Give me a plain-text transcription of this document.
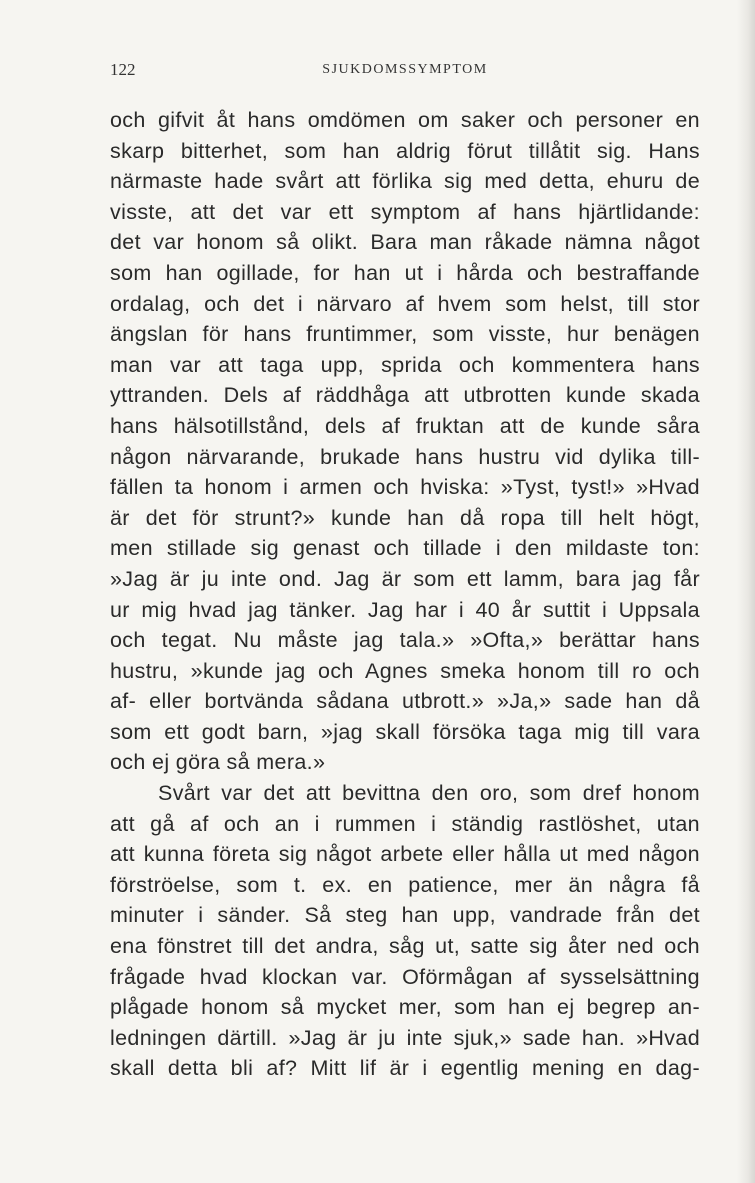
122	SJUKDOMSSYMPTOM
och gifvit åt hans omdömen om saker och personer en
skarp bitterhet, som han aldrig förut tillåtit sig. Hans
närmaste hade svårt att förlika sig med detta, ehuru de
visste, att det var ett symptom af hans hjärtlidande:
det var honom så olikt. Bara man råkade nämna något
som han ogillade, for han ut i hårda och bestraffande
ordalag, och det i närvaro af hvem som helst, till stor
ängslan för hans fruntimmer, som visste, hur benägen
man var att taga upp, sprida och kommentera hans
yttranden. Dels af räddhåga att utbrotten kunde skada
hans hälsotillstånd, dels af fruktan att de kunde såra
någon närvarande, brukade hans hustru vid dylika till-
fällen ta honom i armen och hviska: »Tyst, tyst!» »Hvad
är det för strunt?» kunde han då ropa till helt högt,
men stillade sig genast och tillade i den mildaste ton:
»Jag är ju inte ond. Jag är som ett lamm, bara jag får
ur mig hvad jag tänker. Jag har i 40 år suttit i Uppsala
och tegat. Nu måste jag tala.» »Ofta,» berättar hans
hustru, »kunde jag och Agnes smeka honom till ro och
af- eller bortvända sådana utbrott.» »Ja,» sade han då
som ett godt barn, »jag skall försöka taga mig till vara
och ej göra så mera.»
Svårt var det att bevittna den oro, som dref honom
att gå af och an i rummen i ständig rastlöshet, utan
att kunna företa sig något arbete eller hålla ut med någon
förströelse, som t. ex. en patience, mer än några få
minuter i sänder. Så steg han upp, vandrade från det
ena fönstret till det andra, såg ut, satte sig åter ned och
frågade hvad klockan var. Oförmågan af sysselsättning
plågade honom så mycket mer, som han ej begrep an-
ledningen därtill. »Jag är ju inte sjuk,» sade han. »Hvad
skall detta bli af? Mitt lif är i egentlig mening en dag-
